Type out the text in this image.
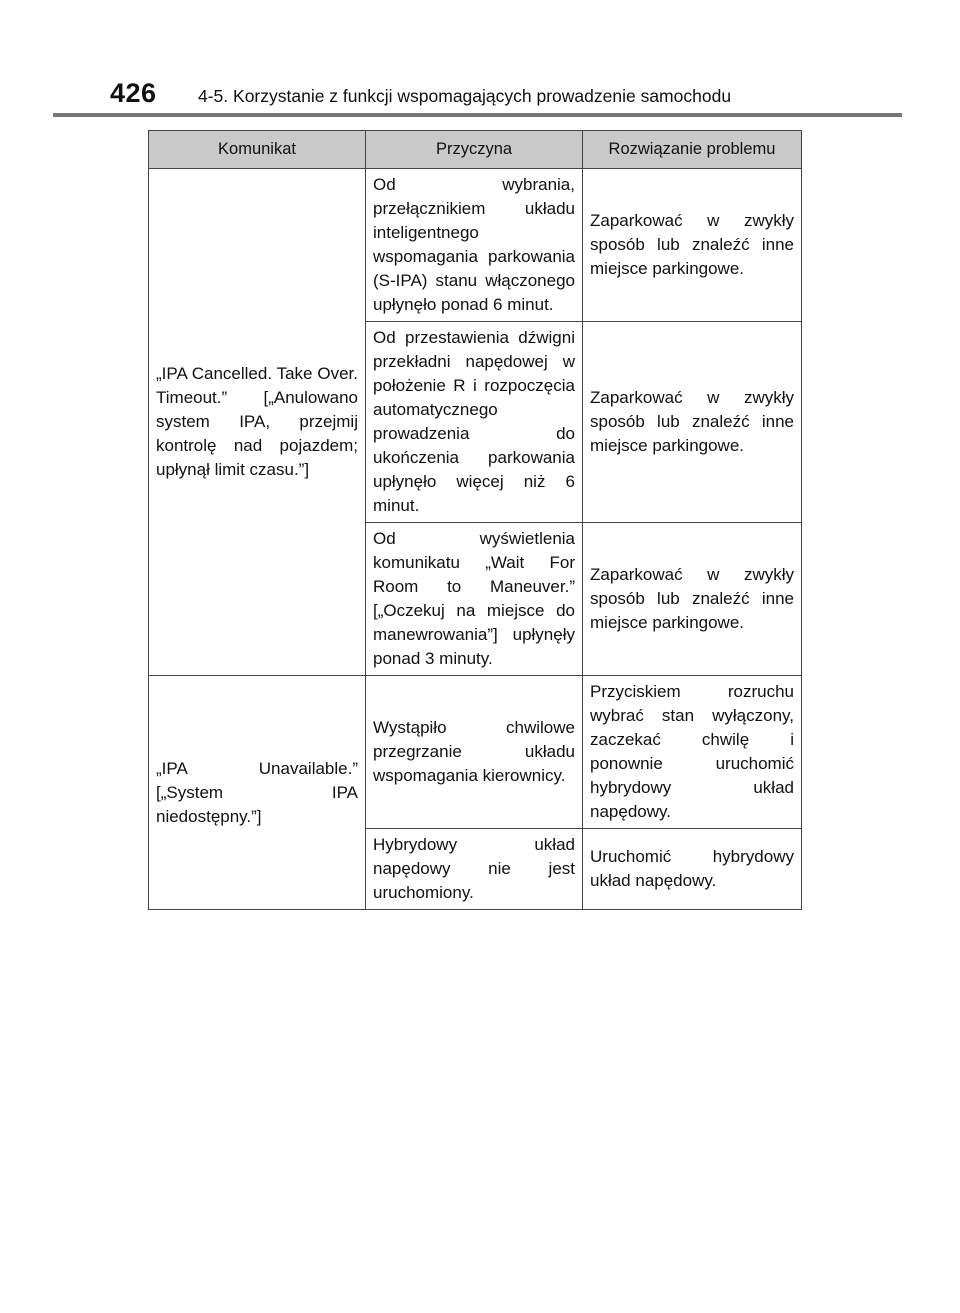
426	4-5. Korzystanie z funkcji wspomagających prowadzenie samochodu
Komunikat	Przyczyna	Rozwiązanie problemu
„IPA Cancelled. Take Over. Timeout.” [„Anulowano system IPA, przejmij kontrolę nad pojazdem; upłynął limit czasu.”]	Od wybrania, przełącznikiem układu inteligentnego wspomagania parkowania (S-IPA) stanu włączonego upłynęło ponad 6 minut.	Zaparkować w zwykły sposób lub znaleźć inne miejsce parkingowe.
	Od przestawienia dźwigni przekładni napędowej w położenie R i rozpoczęcia automatycznego prowadzenia do ukończenia parkowania upłynęło więcej niż 6 minut.	Zaparkować w zwykły sposób lub znaleźć inne miejsce parkingowe.
	Od wyświetlenia komunikatu „Wait For Room to Maneuver.” [„Oczekuj na miejsce do manewrowania”] upłynęły ponad 3 minuty.	Zaparkować w zwykły sposób lub znaleźć inne miejsce parkingowe.
„IPA Unavailable.” [„System IPA niedostępny.”]	Wystąpiło chwilowe przegrzanie układu wspomagania kierownicy.	Przyciskiem rozruchu wybrać stan wyłączony, zaczekać chwilę i ponownie uruchomić hybrydowy układ napędowy.
	Hybrydowy układ napędowy nie jest uruchomiony.	Uruchomić hybrydowy układ napędowy.
